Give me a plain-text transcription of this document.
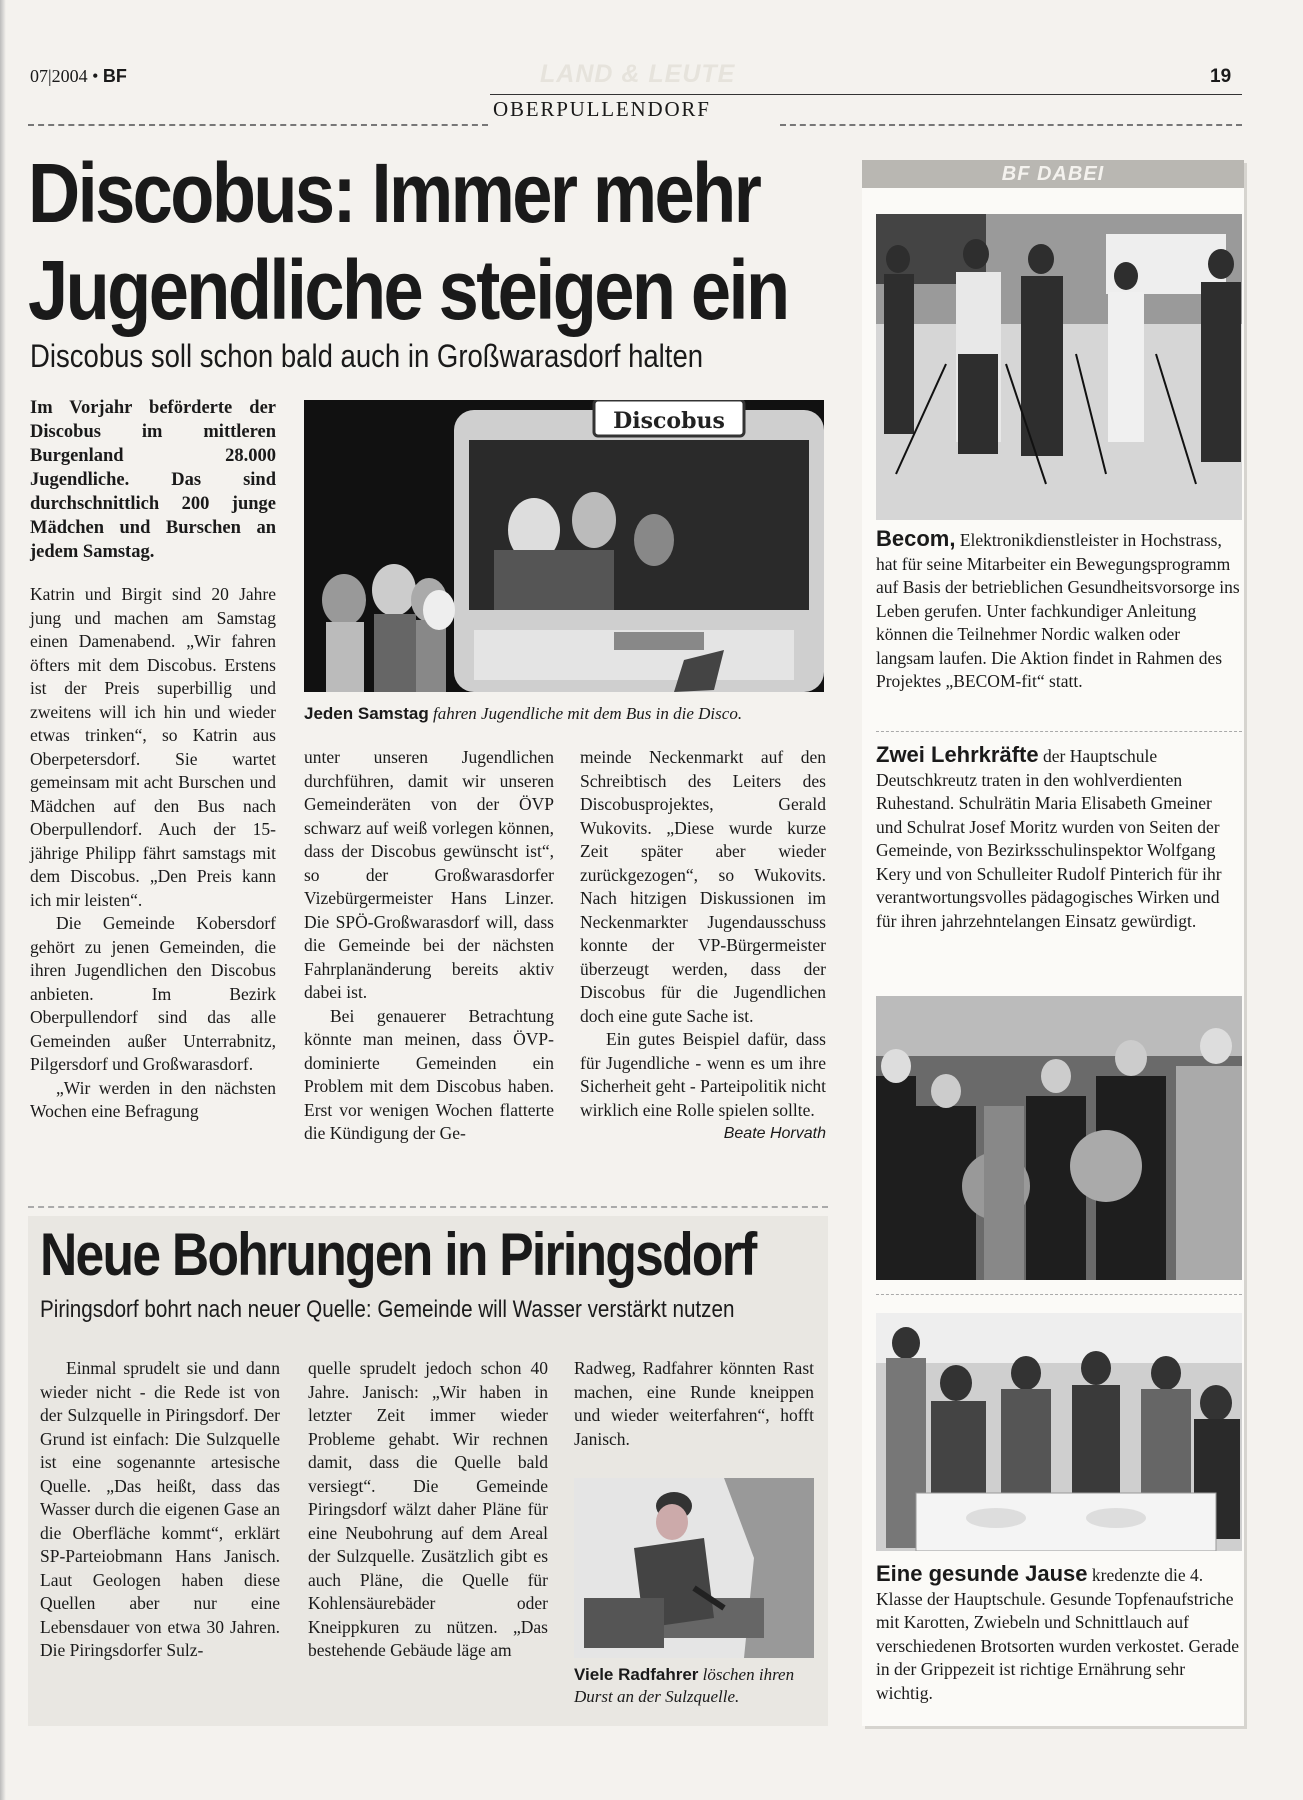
07|2004 • BF	LAND & LEUTE	19
OBERPULLENDORF
Discobus: Immer mehr
Jugendliche steigen ein
Discobus soll schon bald auch in Großwarasdorf halten
Im Vorjahr beförderte der Discobus im mittleren Burgenland 28.000 Jugendliche. Das sind durchschnittlich 200 junge Mädchen und Burschen an jedem Samstag.
Discobus
Jeden Samstag fahren Jugendliche mit dem Bus in die Disco.

Katrin und Birgit sind 20 Jahre jung und machen am Samstag einen Damenabend. „Wir fahren öfters mit dem Discobus. Erstens ist der Preis superbillig und zweitens will ich hin und wieder etwas trinken“, so Katrin aus Oberpetersdorf. Sie wartet gemeinsam mit acht Burschen und Mädchen auf den Bus nach Oberpullendorf. Auch der 15-jährige Philipp fährt samstags mit dem Discobus. „Den Preis kann ich mir leisten“.

Die Gemeinde Kobersdorf gehört zu jenen Gemeinden, die ihren Jugendlichen den Discobus anbieten. Im Bezirk Oberpullendorf sind das alle Gemeinden außer Unterrabnitz, Pilgersdorf und Großwarasdorf.

„Wir werden in den nächsten Wochen eine Befragung

unter unseren Jugendlichen durchführen, damit wir unseren Gemeinderäten von der ÖVP schwarz auf weiß vorlegen können, dass der Discobus gewünscht ist“, so der Großwarasdorfer Vizebürgermeister Hans Linzer. Die SPÖ-Großwarasdorf will, dass die Gemeinde bei der nächsten Fahrplanänderung bereits aktiv dabei ist.

Bei genauerer Betrachtung könnte man meinen, dass ÖVP-dominierte Gemeinden ein Problem mit dem Discobus haben. Erst vor wenigen Wochen flatterte die Kündigung der Ge-

meinde Neckenmarkt auf den Schreibtisch des Leiters des Discobusprojektes, Gerald Wukovits. „Diese wurde kurze Zeit später aber wieder zurückgezogen“, so Wukovits. Nach hitzigen Diskussionen im Neckenmarkter Jugendausschuss konnte der VP-Bürgermeister überzeugt werden, dass der Discobus für die Jugendlichen doch eine gute Sache ist.

Ein gutes Beispiel dafür, dass für Jugendliche - wenn es um ihre Sicherheit geht - Parteipolitik nicht wirklich eine Rolle spielen sollte.

Beate Horvath
Neue Bohrungen in Piringsdorf
Piringsdorf bohrt nach neuer Quelle: Gemeinde will Wasser verstärkt nutzen
Einmal sprudelt sie und dann wieder nicht - die Rede ist von der Sulzquelle in Piringsdorf. Der Grund ist einfach: Die Sulzquelle ist eine sogenannte artesische Quelle. „Das heißt, dass das Wasser durch die eigenen Gase an die Oberfläche kommt“, erklärt SP-Parteiobmann Hans Janisch. Laut Geologen haben diese Quellen aber nur eine Lebensdauer von etwa 30 Jahren. Die Piringsdorfer Sulz-
quelle sprudelt jedoch schon 40 Jahre. Janisch: „Wir haben in letzter Zeit immer wieder Probleme gehabt. Wir rechnen damit, dass die Quelle bald versiegt“. Die Gemeinde Piringsdorf wälzt daher Pläne für eine Neubohrung auf dem Areal der Sulzquelle. Zusätzlich gibt es auch Pläne, die Quelle für Kohlensäurebäder oder Kneippkuren zu nützen. „Das bestehende Gebäude läge am
Radweg, Radfahrer könnten Rast machen, eine Runde kneippen und wieder weiterfahren“, hofft Janisch.
Viele Radfahrer löschen ihren Durst an der Sulzquelle.
BF DABEI
Becom, Elektronikdienstleister in Hochstrass, hat für seine Mitarbeiter ein Bewegungsprogramm auf Basis der betrieblichen Gesundheitsvorsorge ins Leben gerufen. Unter fachkundiger Anleitung können die Teilnehmer Nordic walken oder langsam laufen. Die Aktion findet in Rahmen des Projektes „BECOM-fit“ statt.
Zwei Lehrkräfte der Hauptschule Deutschkreutz traten in den wohlverdienten Ruhestand. Schulrätin Maria Elisabeth Gmeiner und Schulrat Josef Moritz wurden von Seiten der Gemeinde, von Bezirksschulinspektor Wolfgang Kery und von Schulleiter Rudolf Pinterich für ihr verantwortungsvolles pädagogisches Wirken und für ihren jahrzehntelangen Einsatz gewürdigt.
Eine gesunde Jause kredenzte die 4. Klasse der Hauptschule. Gesunde Topfenaufstriche mit Karotten, Zwiebeln und Schnittlauch auf verschiedenen Brotsorten wurden verkostet. Gerade in der Grippezeit ist richtige Ernährung sehr wichtig.
